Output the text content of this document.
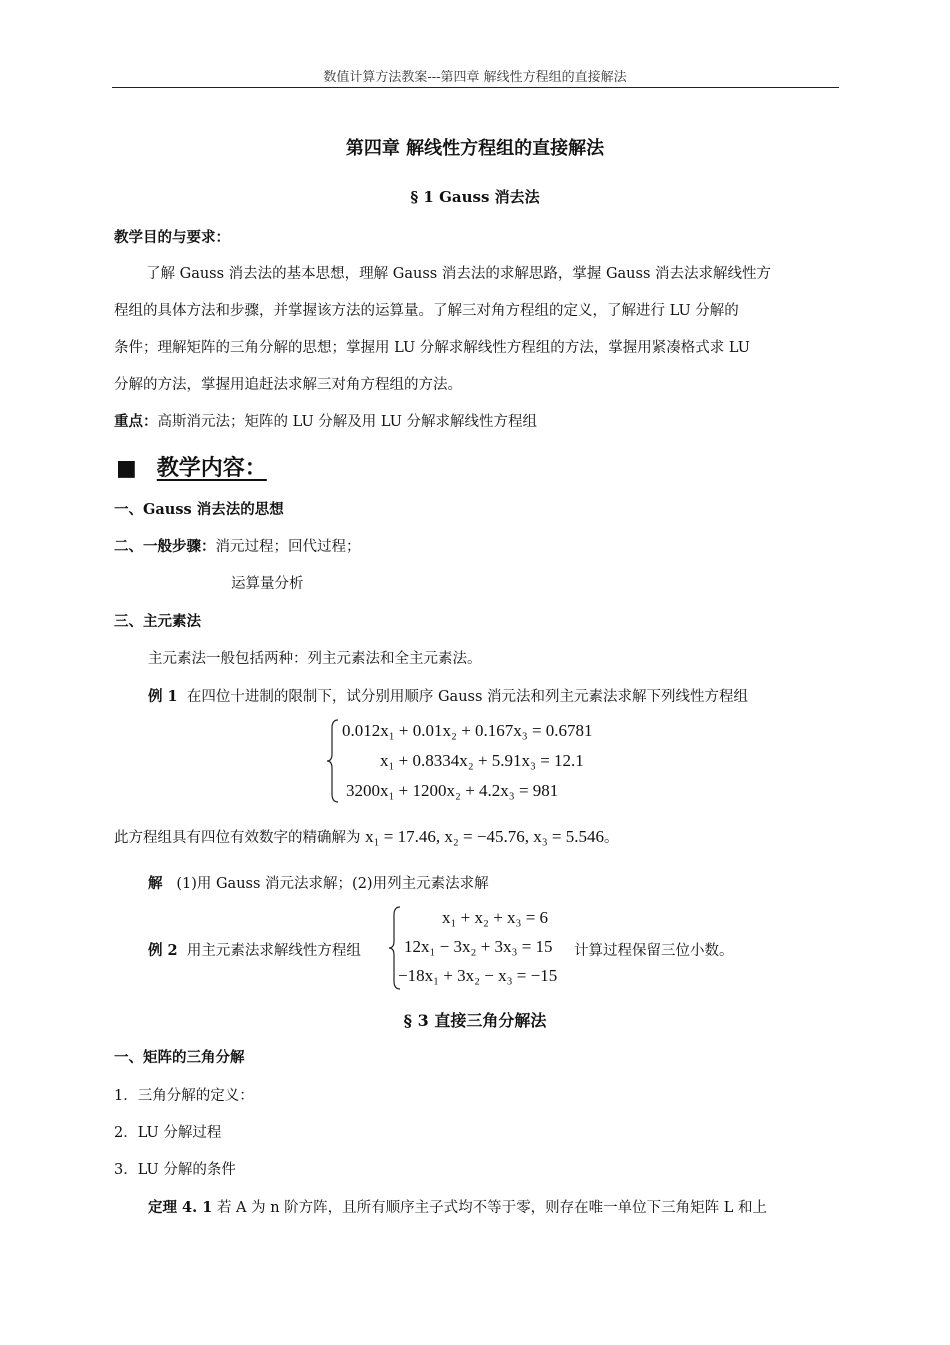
数值计算方法教案---第四章 解线性方程组的直接解法
第四章 解线性方程组的直接解法
§ 1 Gauss 消去法
教学目的与要求：
了解 Gauss 消去法的基本思想，理解 Gauss 消去法的求解思路，掌握 Gauss 消去法求解线性方
程组的具体方法和步骤，并掌握该方法的运算量。了解三对角方程组的定义，了解进行 LU 分解的
条件；理解矩阵的三角分解的思想；掌握用 LU 分解求解线性方程组的方法，掌握用紧凑格式求 LU
分解的方法，掌握用追赶法求解三对角方程组的方法。
重点：高斯消元法；矩阵的 LU 分解及用 LU 分解求解线性方程组
■ 教学内容：
一、Gauss 消去法的思想
二、一般步骤：消元过程；回代过程；
运算量分析
三、主元素法
主元素法一般包括两种：列主元素法和全主元素法。
例 1 在四位十进制的限制下，试分别用顺序 Gauss 消元法和列主元素法求解下列线性方程组
0.012x₁ + 0.01x₂ + 0.167x₃ = 0.6781
x₁ + 0.8334x₂ + 5.91x₃ = 12.1
3200x₁ + 1200x₂ + 4.2x₃ = 981
此方程组具有四位有效数字的精确解为 x₁ = 17.46, x₂ = −45.76, x₃ = 5.546。
解 (1)用 Gauss 消元法求解；(2)用列主元素法求解
例 2 用主元素法求解线性方程组
x₁ + x₂ + x₃ = 6
12x₁ − 3x₂ + 3x₃ = 15
−18x₁ + 3x₂ − x₃ = −15
计算过程保留三位小数。
§ 3 直接三角分解法
一、矩阵的三角分解
1．三角分解的定义：
2．LU 分解过程
3．LU 分解的条件
定理 4. 1 若 A 为 n 阶方阵，且所有顺序主子式均不等于零，则存在唯一单位下三角矩阵 L 和上
